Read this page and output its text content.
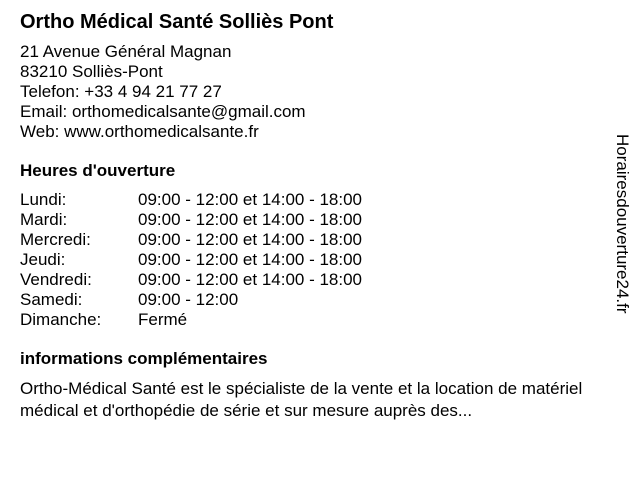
Ortho Médical Santé Solliès Pont
21 Avenue Général Magnan
83210 Solliès-Pont
Telefon: +33 4 94 21 77 27
Email: orthomedicalsante@gmail.com
Web: www.orthomedicalsante.fr
Heures d'ouverture
Lundi:	09:00 - 12:00 et 14:00 - 18:00
Mardi:	09:00 - 12:00 et 14:00 - 18:00
Mercredi:	09:00 - 12:00 et 14:00 - 18:00
Jeudi:	09:00 - 12:00 et 14:00 - 18:00
Vendredi:	09:00 - 12:00 et 14:00 - 18:00
Samedi:	09:00 - 12:00
Dimanche:	Fermé
informations complémentaires
Ortho-Médical Santé est le spécialiste de la vente et la location de matériel médical et d'orthopédie de série et sur mesure auprès des...
Horairesdouverture24.fr
